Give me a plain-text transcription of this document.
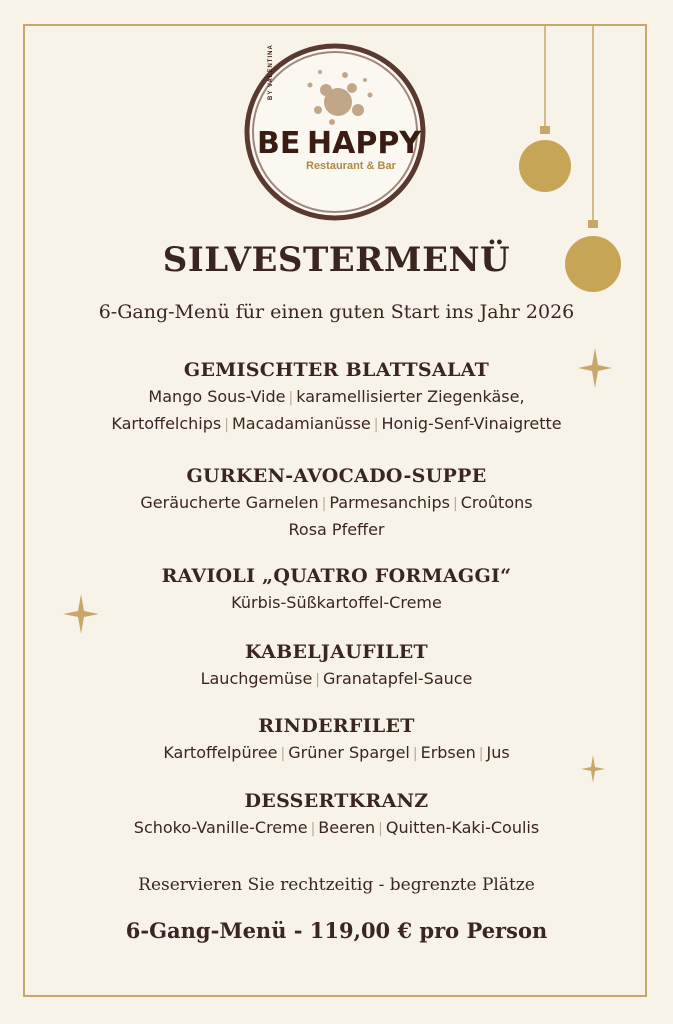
BY VALENTINA
BE HAPPY
Restaurant & Bar
SILVESTERMENÜ
6-Gang-Menü für einen guten Start ins Jahr 2026
GEMISCHTER BLATTSALAT
Mango Sous-Vide | karamellisierter Ziegenkäse,
Kartoffelchips | Macadamianüsse | Honig-Senf-Vinaigrette
GURKEN-AVOCADO-SUPPE
Geräucherte Garnelen | Parmesanchips | Croûtons
Rosa Pfeffer
RAVIOLI „QUATRO FORMAGGI“
Kürbis-Süßkartoffel-Creme
KABELJAUFILET
Lauchgemüse | Granatapfel-Sauce
RINDERFILET
Kartoffelpüree | Grüner Spargel | Erbsen | Jus
DESSERTKRANZ
Schoko-Vanille-Creme | Beeren | Quitten-Kaki-Coulis
Reservieren Sie rechtzeitig - begrenzte Plätze
6-Gang-Menü - 119,00 € pro Person
